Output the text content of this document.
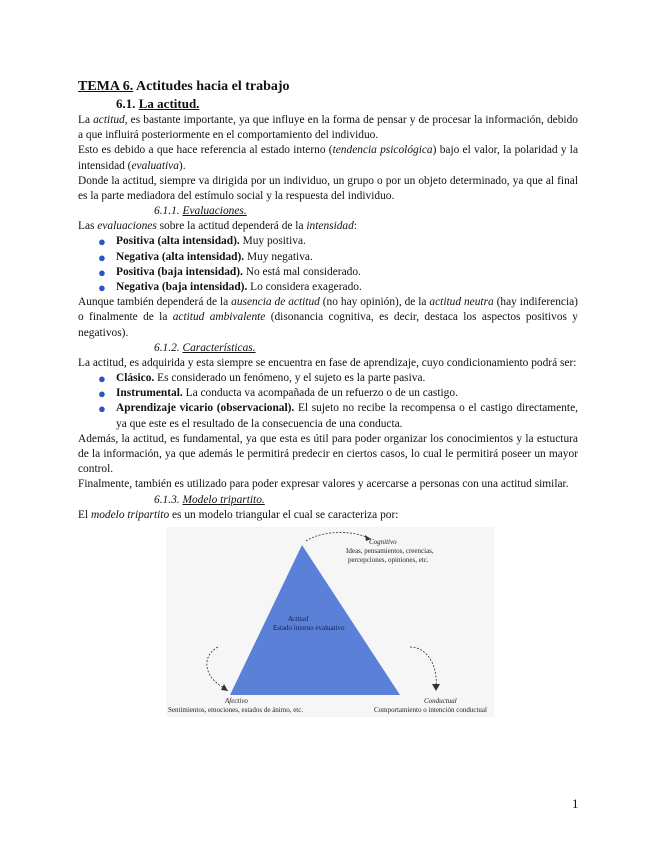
TEMA 6. Actitudes hacia el trabajo
6.1. La actitud.

La actitud, es bastante importante, ya que influye en la forma de pensar y de procesar la información, debido a que influirá posteriormente en el comportamiento del individuo.

Esto es debido a que hace referencia al estado interno (tendencia psicológica) bajo el valor, la polaridad y la intensidad (evaluativa).

Donde la actitud, siempre va dirigida por un individuo, un grupo o por un objeto determinado, ya que al final es la parte mediadora del estímulo social y la respuesta del individuo.

6.1.1. Evaluaciones.

Las evaluaciones sobre la actitud dependerá de la intensidad:

● Positiva (alta intensidad). Muy positiva.
● Negativa (alta intensidad). Muy negativa.
● Positiva (baja intensidad). No está mal considerado.
● Negativa (baja intensidad). Lo considera exagerado.

Aunque también dependerá de la ausencia de actitud (no hay opinión), de la actitud neutra (hay indiferencia) o finalmente de la actitud ambivalente (disonancia cognitiva, es decir, destaca los aspectos positivos y negativos).

6.1.2. Características.

La actitud, es adquirida y esta siempre se encuentra en fase de aprendizaje, cuyo condicionamiento podrá ser:

● Clásico. Es considerado un fenómeno, y el sujeto es la parte pasiva.
● Instrumental. La conducta va acompañada de un refuerzo o de un castigo.
● Aprendizaje vicario (observacional). El sujeto no recibe la recompensa o el castigo directamente, ya que este es el resultado de la consecuencia de una conducta.

Además, la actitud, es fundamental, ya que esta es útil para poder organizar los conocimientos y la estuctura de la información, ya que además le permitirá predecir en ciertos casos, lo cual le permitirá poseer un mayor control.

Finalmente, también es utilizado para poder expresar valores y acercarse a personas con una actitud similar.

6.1.3. Modelo tripartito.

El modelo tripartito es un modelo triangular el cual se caracteriza por:

Cognitivo
Ideas, pensamientos, creencias,
percepciones, opiniones, etc.
Actitud
Estado interno evaluativo
Afectivo
Sentimientos, emociones, estados de ánimo, etc.
Conductual
Comportamiento o intención conductual
1
